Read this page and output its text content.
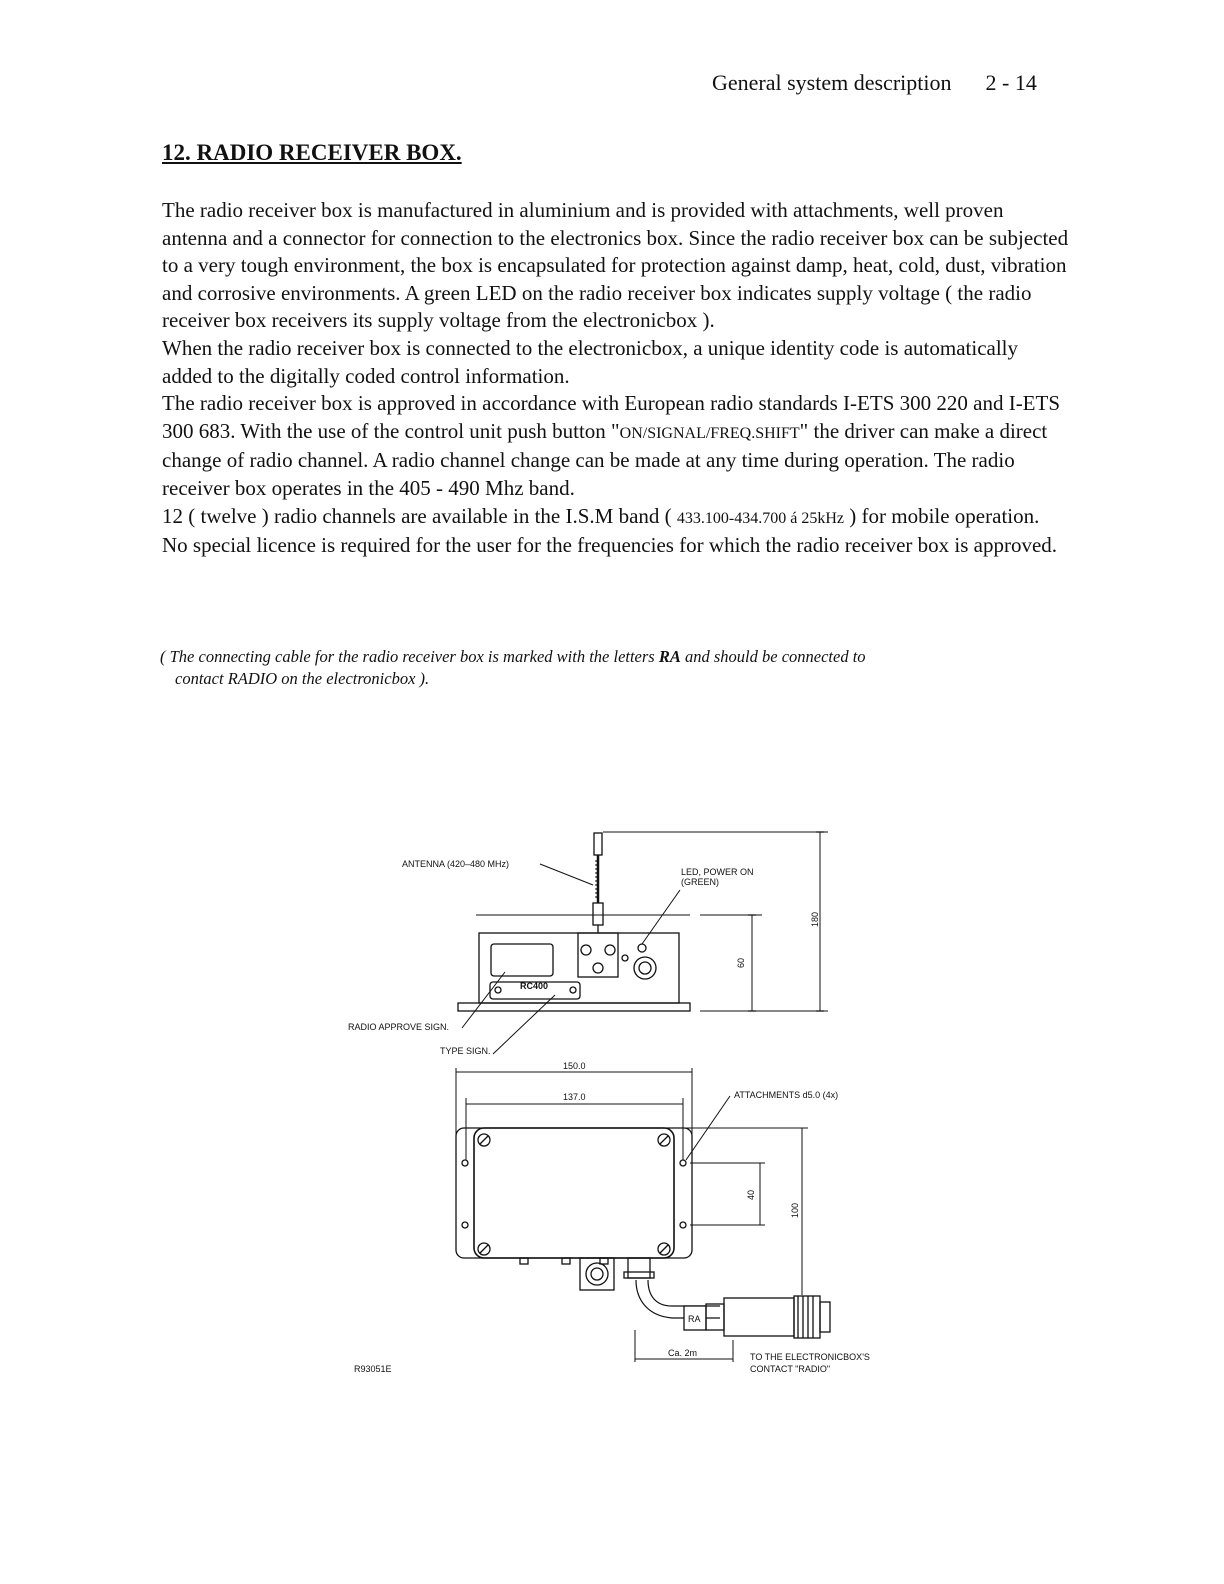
General system description 2 - 14
12. RADIO RECEIVER BOX.

The radio receiver box is manufactured in aluminium and is provided with attachments, well proven antenna and a connector for connection to the electronics box. Since the radio receiver box can be subjected to a very tough environment, the box is encapsulated for protection against damp, heat, cold, dust, vibration and corrosive environments. A green LED on the radio receiver box indicates supply voltage ( the radio receiver box receivers its supply voltage from the electronicbox ).

When the radio receiver box is connected to the electronicbox, a unique identity code is automatically added to the digitally coded control information.

The radio receiver box is approved in accordance with European radio standards I-ETS 300 220 and I-ETS 300 683. With the use of the control unit push button "ON/SIGNAL/FREQ.SHIFT" the driver can make a direct change of radio channel. A radio channel change can be made at any time during operation. The radio receiver box operates in the 405 - 490 Mhz band.

12 ( twelve ) radio channels are available in the I.S.M band ( 433.100-434.700 á 25kHz ) for mobile operation.

No special licence is required for the user for the frequencies for which the radio receiver box is approved.

( The connecting cable for the radio receiver box is marked with the letters RA and should be connected to
contact RADIO on the electronicbox ).
180
60
RC400
ANTENNA (420–480 MHz)
LED, POWER ON
(GREEN)
RADIO APPROVE SIGN.
TYPE SIGN.
150.0
137.0
40
100
ATTACHMENTS d5.0 (4x)
RA
Ca. 2m	TO THE ELECTRONICBOX'S
CONTACT "RADIO"
R93051E
